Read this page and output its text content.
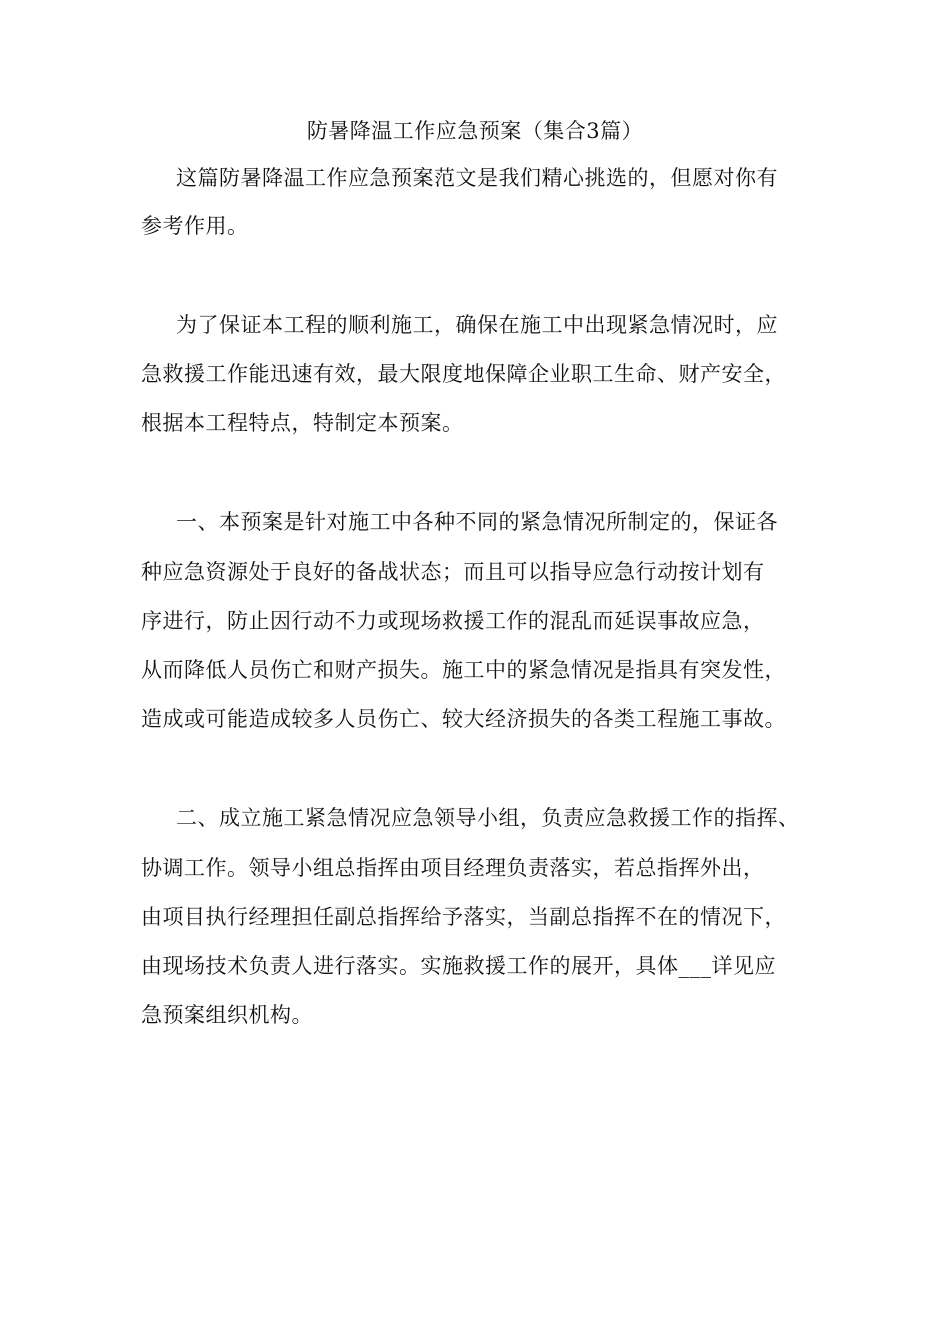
防暑降温工作应急预案（集合3篇）
这篇防暑降温工作应急预案范文是我们精心挑选的，但愿对你有
参考作用。
为了保证本工程的顺利施工，确保在施工中出现紧急情况时，应
急救援工作能迅速有效，最大限度地保障企业职工生命、财产安全，
根据本工程特点，特制定本预案。
一、本预案是针对施工中各种不同的紧急情况所制定的，保证各
种应急资源处于良好的备战状态；而且可以指导应急行动按计划有
序进行，防止因行动不力或现场救援工作的混乱而延误事故应急，
从而降低人员伤亡和财产损失。施工中的紧急情况是指具有突发性，
造成或可能造成较多人员伤亡、较大经济损失的各类工程施工事故。
二、成立施工紧急情况应急领导小组，负责应急救援工作的指挥、
协调工作。领导小组总指挥由项目经理负责落实，若总指挥外出，
由项目执行经理担任副总指挥给予落实，当副总指挥不在的情况下，
由现场技术负责人进行落实。实施救援工作的展开，具体___详见应
急预案组织机构。
